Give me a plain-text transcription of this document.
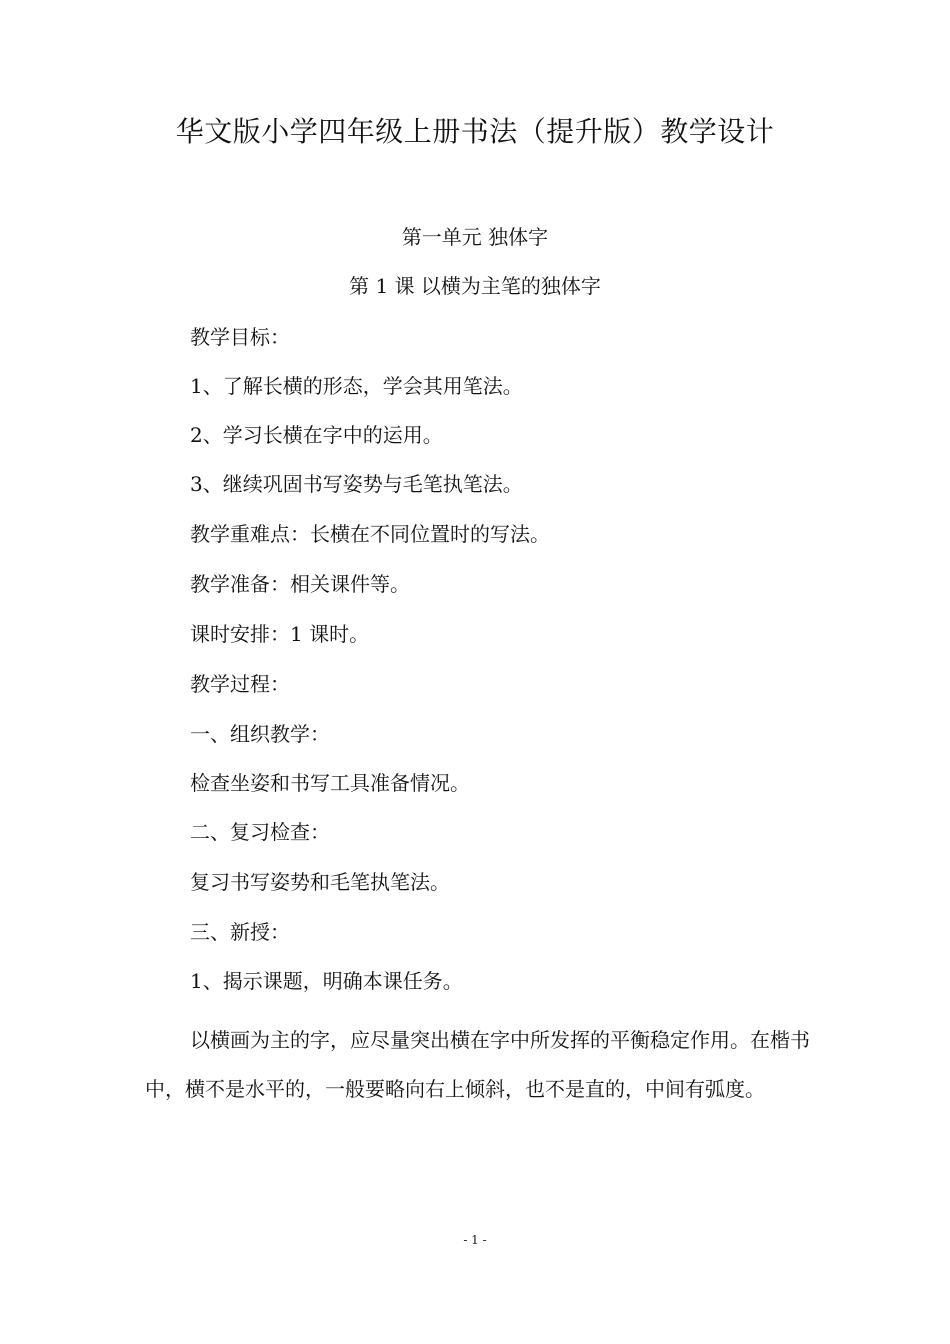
华文版小学四年级上册书法（提升版）教学设计
第一单元 独体字
第 1 课 以横为主笔的独体字
教学目标：
1、了解长横的形态，学会其用笔法。
2、学习长横在字中的运用。
3、继续巩固书写姿势与毛笔执笔法。
教学重难点：长横在不同位置时的写法。
教学准备：相关课件等。
课时安排：1 课时。
教学过程：
一、组织教学：
检查坐姿和书写工具准备情况。
二、复习检查：
复习书写姿势和毛笔执笔法。
三、新授：
1、揭示课题，明确本课任务。
以横画为主的字，应尽量突出横在字中所发挥的平衡稳定作用。在楷书中，横不是水平的，一般要略向右上倾斜，也不是直的，中间有弧度。
- 1 -
